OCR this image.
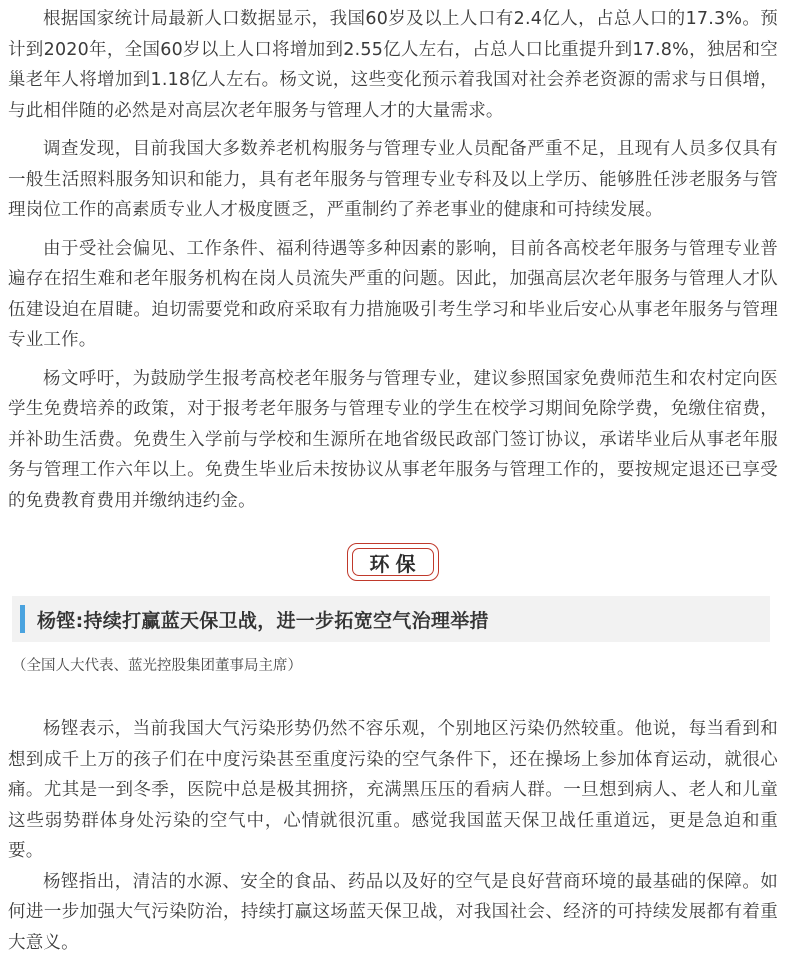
根据国家统计局最新人口数据显示，我国60岁及以上人口有2.4亿人，占总人口的17.3%。预计到2020年，全国60岁以上人口将增加到2.55亿人左右，占总人口比重提升到17.8%，独居和空巢老年人将增加到1.18亿人左右。杨文说，这些变化预示着我国对社会养老资源的需求与日俱增，与此相伴随的必然是对高层次老年服务与管理人才的大量需求。

调查发现，目前我国大多数养老机构服务与管理专业人员配备严重不足，且现有人员多仅具有一般生活照料服务知识和能力，具有老年服务与管理专业专科及以上学历、能够胜任涉老服务与管理岗位工作的高素质专业人才极度匮乏，严重制约了养老事业的健康和可持续发展。

由于受社会偏见、工作条件、福利待遇等多种因素的影响，目前各高校老年服务与管理专业普遍存在招生难和老年服务机构在岗人员流失严重的问题。因此，加强高层次老年服务与管理人才队伍建设迫在眉睫。迫切需要党和政府采取有力措施吸引考生学习和毕业后安心从事老年服务与管理专业工作。

杨文呼吁，为鼓励学生报考高校老年服务与管理专业，建议参照国家免费师范生和农村定向医学生免费培养的政策，对于报考老年服务与管理专业的学生在校学习期间免除学费，免缴住宿费，并补助生活费。免费生入学前与学校和生源所在地省级民政部门签订协议，承诺毕业后从事老年服务与管理工作六年以上。免费生毕业后未按协议从事老年服务与管理工作的，要按规定退还已享受的免费教育费用并缴纳违约金。

环保
杨铿:持续打赢蓝天保卫战，进一步拓宽空气治理举措
（全国人大代表、蓝光控股集团董事局主席）

杨铿表示，当前我国大气污染形势仍然不容乐观，个别地区污染仍然较重。他说，每当看到和想到成千上万的孩子们在中度污染甚至重度污染的空气条件下，还在操场上参加体育运动，就很心痛。尤其是一到冬季，医院中总是极其拥挤，充满黑压压的看病人群。一旦想到病人、老人和儿童这些弱势群体身处污染的空气中，心情就很沉重。感觉我国蓝天保卫战任重道远，更是急迫和重要。

杨铿指出，清洁的水源、安全的食品、药品以及好的空气是良好营商环境的最基础的保障。如何进一步加强大气污染防治，持续打赢这场蓝天保卫战，对我国社会、经济的可持续发展都有着重大意义。
